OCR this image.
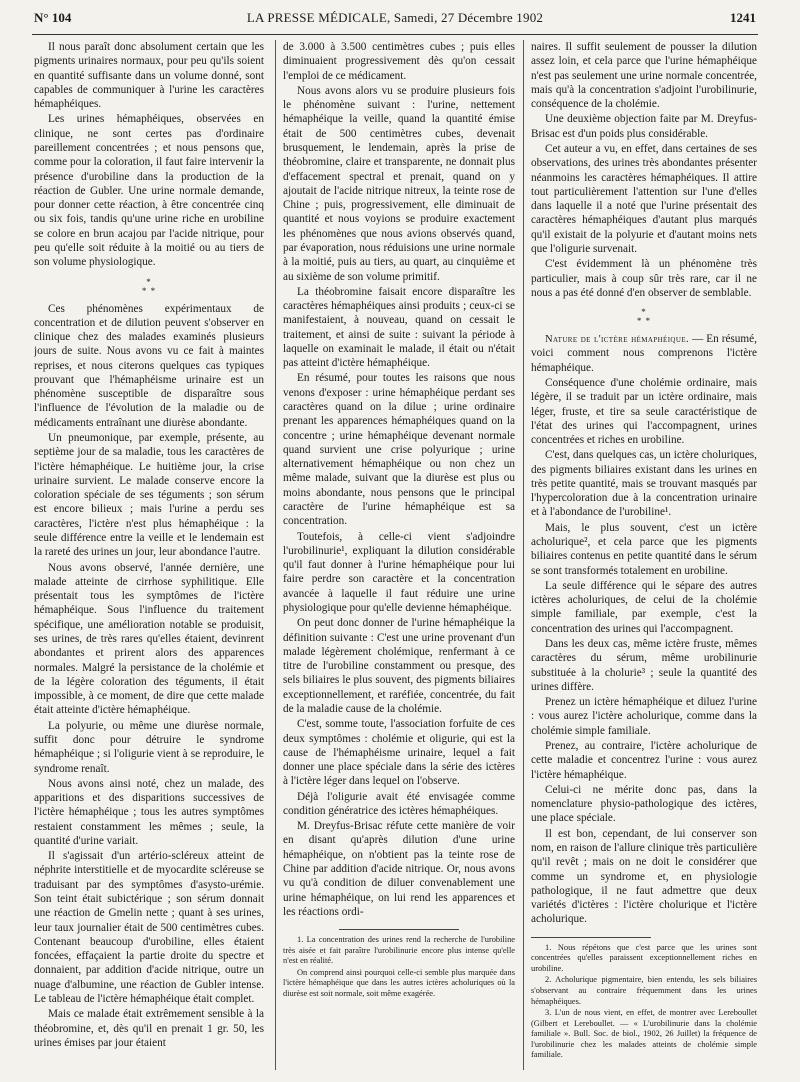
N° 104	LA PRESSE MÉDICALE, Samedi, 27 Décembre 1902	1241

Il nous paraît donc absolument certain que les pigments urinaires normaux, pour peu qu'ils soient en quantité suffisante dans un volume donné, sont capables de communiquer à l'urine les caractères hémaphéiques.

Les urines hémaphéiques, observées en clinique, ne sont certes pas d'ordinaire pareillement concentrées ; et nous pensons que, comme pour la coloration, il faut faire intervenir la présence d'urobiline dans la production de la réaction de Gubler. Une urine normale demande, pour donner cette réaction, à être concentrée cinq ou six fois, tandis qu'une urine riche en urobiline se colore en brun acajou par l'acide nitrique, pour peu qu'elle soit réduite à la moitié ou au tiers de son volume physiologique.

*
* *

Ces phénomènes expérimentaux de concentration et de dilution peuvent s'observer en clinique chez des malades examinés plusieurs jours de suite. Nous avons vu ce fait à maintes reprises, et nous citerons quelques cas typiques prouvant que l'hémaphéisme urinaire est un phénomène susceptible de disparaître sous l'influence de l'évolution de la maladie ou de médicaments entraînant une diurèse abondante.

Un pneumonique, par exemple, présente, au septième jour de sa maladie, tous les caractères de l'ictère hémaphéique. Le huitième jour, la crise urinaire survient. Le malade conserve encore la coloration spéciale de ses téguments ; son sérum est encore bilieux ; mais l'urine a perdu ses caractères, l'ictère n'est plus hémaphéique : la seule différence entre la veille et le lendemain est la rareté des urines un jour, leur abondance l'autre.

Nous avons observé, l'année dernière, une malade atteinte de cirrhose syphilitique. Elle présentait tous les symptômes de l'ictère hémaphéique. Sous l'influence du traitement spécifique, une amélioration notable se produisit, ses urines, de très rares qu'elles étaient, devinrent abondantes et prirent alors des apparences normales. Malgré la persistance de la cholémie et de la légère coloration des téguments, il était impossible, à ce moment, de dire que cette malade était atteinte d'ictère hémaphéique.

La polyurie, ou même une diurèse normale, suffit donc pour détruire le syndrome hémaphéique ; si l'oligurie vient à se reproduire, le syndrome renaît.

Nous avons ainsi noté, chez un malade, des apparitions et des disparitions successives de l'ictère hémaphéique ; tous les autres symptômes restaient constamment les mêmes ; seule, la quantité d'urine variait.

Il s'agissait d'un artério-scléreux atteint de néphrite interstitielle et de myocardite scléreuse se traduisant par des symptômes d'asysto-urémie. Son teint était subictérique ; son sérum donnait une réaction de Gmelin nette ; quant à ses urines, leur taux journalier était de 500 centimètres cubes. Contenant beaucoup d'urobiline, elles étaient foncées, effaçaient la partie droite du spectre et donnaient, par addition d'acide nitrique, outre un nuage d'albumine, une réaction de Gubler intense. Le tableau de l'ictère hémaphéique était complet.

Mais ce malade était extrêmement sensible à la théobromine, et, dès qu'il en prenait 1 gr. 50, les urines émises par jour étaient

de 3.000 à 3.500 centimètres cubes ; puis elles diminuaient progressivement dès qu'on cessait l'emploi de ce médicament.

Nous avons alors vu se produire plusieurs fois le phénomène suivant : l'urine, nettement hémaphéique la veille, quand la quantité émise était de 500 centimètres cubes, devenait brusquement, le lendemain, après la prise de théobromine, claire et transparente, ne donnait plus d'effacement spectral et prenait, quand on y ajoutait de l'acide nitrique nitreux, la teinte rose de Chine ; puis, progressivement, elle diminuait de quantité et nous voyions se produire exactement les phénomènes que nous avions observés quand, par évaporation, nous réduisions une urine normale à la moitié, puis au tiers, au quart, au cinquième et au sixième de son volume primitif.

La théobromine faisait encore disparaître les caractères hémaphéiques ainsi produits ; ceux-ci se manifestaient, à nouveau, quand on cessait le traitement, et ainsi de suite : suivant la période à laquelle on examinait le malade, il était ou n'était pas atteint d'ictère hémaphéique.

En résumé, pour toutes les raisons que nous venons d'exposer : urine hémaphéique perdant ses caractères quand on la dilue ; urine ordinaire prenant les apparences hémaphéiques quand on la concentre ; urine hémaphéique devenant normale quand survient une crise polyurique ; urine alternativement hémaphéique ou non chez un même malade, suivant que la diurèse est plus ou moins abondante, nous pensons que le principal caractère de l'urine hémaphéique est sa concentration.

Toutefois, à celle-ci vient s'adjoindre l'urobilinurie¹, expliquant la dilution considérable qu'il faut donner à l'urine hémaphéique pour lui faire perdre son caractère et la concentration avancée à laquelle il faut réduire une urine physiologique pour qu'elle devienne hémaphéique.

On peut donc donner de l'urine hémaphéique la définition suivante : C'est une urine provenant d'un malade légèrement cholémique, renfermant à ce titre de l'urobiline constamment ou presque, des sels biliaires le plus souvent, des pigments biliaires exceptionnellement, et raréfiée, concentrée, du fait de la maladie cause de la cholémie.

C'est, somme toute, l'association forfuite de ces deux symptômes : cholémie et oligurie, qui est la cause de l'hémaphéisme urinaire, lequel a fait donner une place spéciale dans la série des ictères à l'ictère léger dans lequel on l'observe.

Déjà l'oligurie avait été envisagée comme condition génératrice des ictères hémaphéiques.

M. Dreyfus-Brisac réfute cette manière de voir en disant qu'après dilution d'une urine hémaphéique, on n'obtient pas la teinte rose de Chine par addition d'acide nitrique. Or, nous avons vu qu'à condition de diluer convenablement une urine hémaphéique, on lui rend les apparences et les réactions ordi-

1. La concentration des urines rend la recherche de l'urobiline très aisée et fait paraître l'urobilinurie encore plus intense qu'elle n'est en réalité.

On comprend ainsi pourquoi celle-ci semble plus marquée dans l'ictère hémaphéique que dans les autres ictères acholuriques où la diurèse est soit normale, soit même exagérée.

naires. Il suffit seulement de pousser la dilution assez loin, et cela parce que l'urine hémaphéique n'est pas seulement une urine normale concentrée, mais qu'à la concentration s'adjoint l'urobilinurie, conséquence de la cholémie.

Une deuxième objection faite par M. Dreyfus-Brisac est d'un poids plus considérable.

Cet auteur a vu, en effet, dans certaines de ses observations, des urines très abondantes présenter néanmoins les caractères hémaphéiques. Il attire tout particulièrement l'attention sur l'une d'elles dans laquelle il a noté que l'urine présentait des caractères hémaphéiques d'autant plus marqués qu'il existait de la polyurie et d'autant moins nets que l'oligurie survenait.

C'est évidemment là un phénomène très particulier, mais à coup sûr très rare, car il ne nous a pas été donné d'en observer de semblable.

*
* *

Nature de l'ictère hémaphéique. — En résumé, voici comment nous comprenons l'ictère hémaphéique.

Conséquence d'une cholémie ordinaire, mais légère, il se traduit par un ictère ordinaire, mais léger, fruste, et tire sa seule caractéristique de l'état des urines qui l'accompagnent, urines concentrées et riches en urobiline.

C'est, dans quelques cas, un ictère choluriques, des pigments biliaires existant dans les urines en très petite quantité, mais se trouvant masqués par l'hypercoloration due à la concentration urinaire et à l'abondance de l'urobiline¹.

Mais, le plus souvent, c'est un ictère acholurique², et cela parce que les pigments biliaires contenus en petite quantité dans le sérum se sont transformés totalement en urobiline.

La seule différence qui le sépare des autres ictères acholuriques, de celui de la cholémie simple familiale, par exemple, c'est la concentration des urines qui l'accompagnent.

Dans les deux cas, même ictère fruste, mêmes caractères du sérum, même urobilinurie substituée à la cholurie³ ; seule la quantité des urines diffère.

Prenez un ictère hémaphéique et diluez l'urine : vous aurez l'ictère acholurique, comme dans la cholémie simple familiale.

Prenez, au contraire, l'ictère acholurique de cette maladie et concentrez l'urine : vous aurez l'ictère hémaphéique.

Celui-ci ne mérite donc pas, dans la nomenclature physio-pathologique des ictères, une place spéciale.

Il est bon, cependant, de lui conserver son nom, en raison de l'allure clinique très particulière qu'il revêt ; mais on ne doit le considérer que comme un syndrome et, en physiologie pathologique, il ne faut admettre que deux variétés d'ictères : l'ictère cholurique et l'ictère acholurique.

1. Nous répétons que c'est parce que les urines sont concentrées qu'elles paraissent exceptionnellement riches en urobiline.

2. Acholurique pigmentaire, bien entendu, les sels biliaires s'observant au contraire fréquemment dans les urines hémaphéiques.

3. L'un de nous vient, en effet, de montrer avec Lereboullet (Gilbert et Lereboullet. — « L'urobilinurie dans la cholémie familiale ». Bull. Soc. de biol., 1902, 26 Juillet) la fréquence de l'urobilinurie chez les malades atteints de cholémie simple familiale.
